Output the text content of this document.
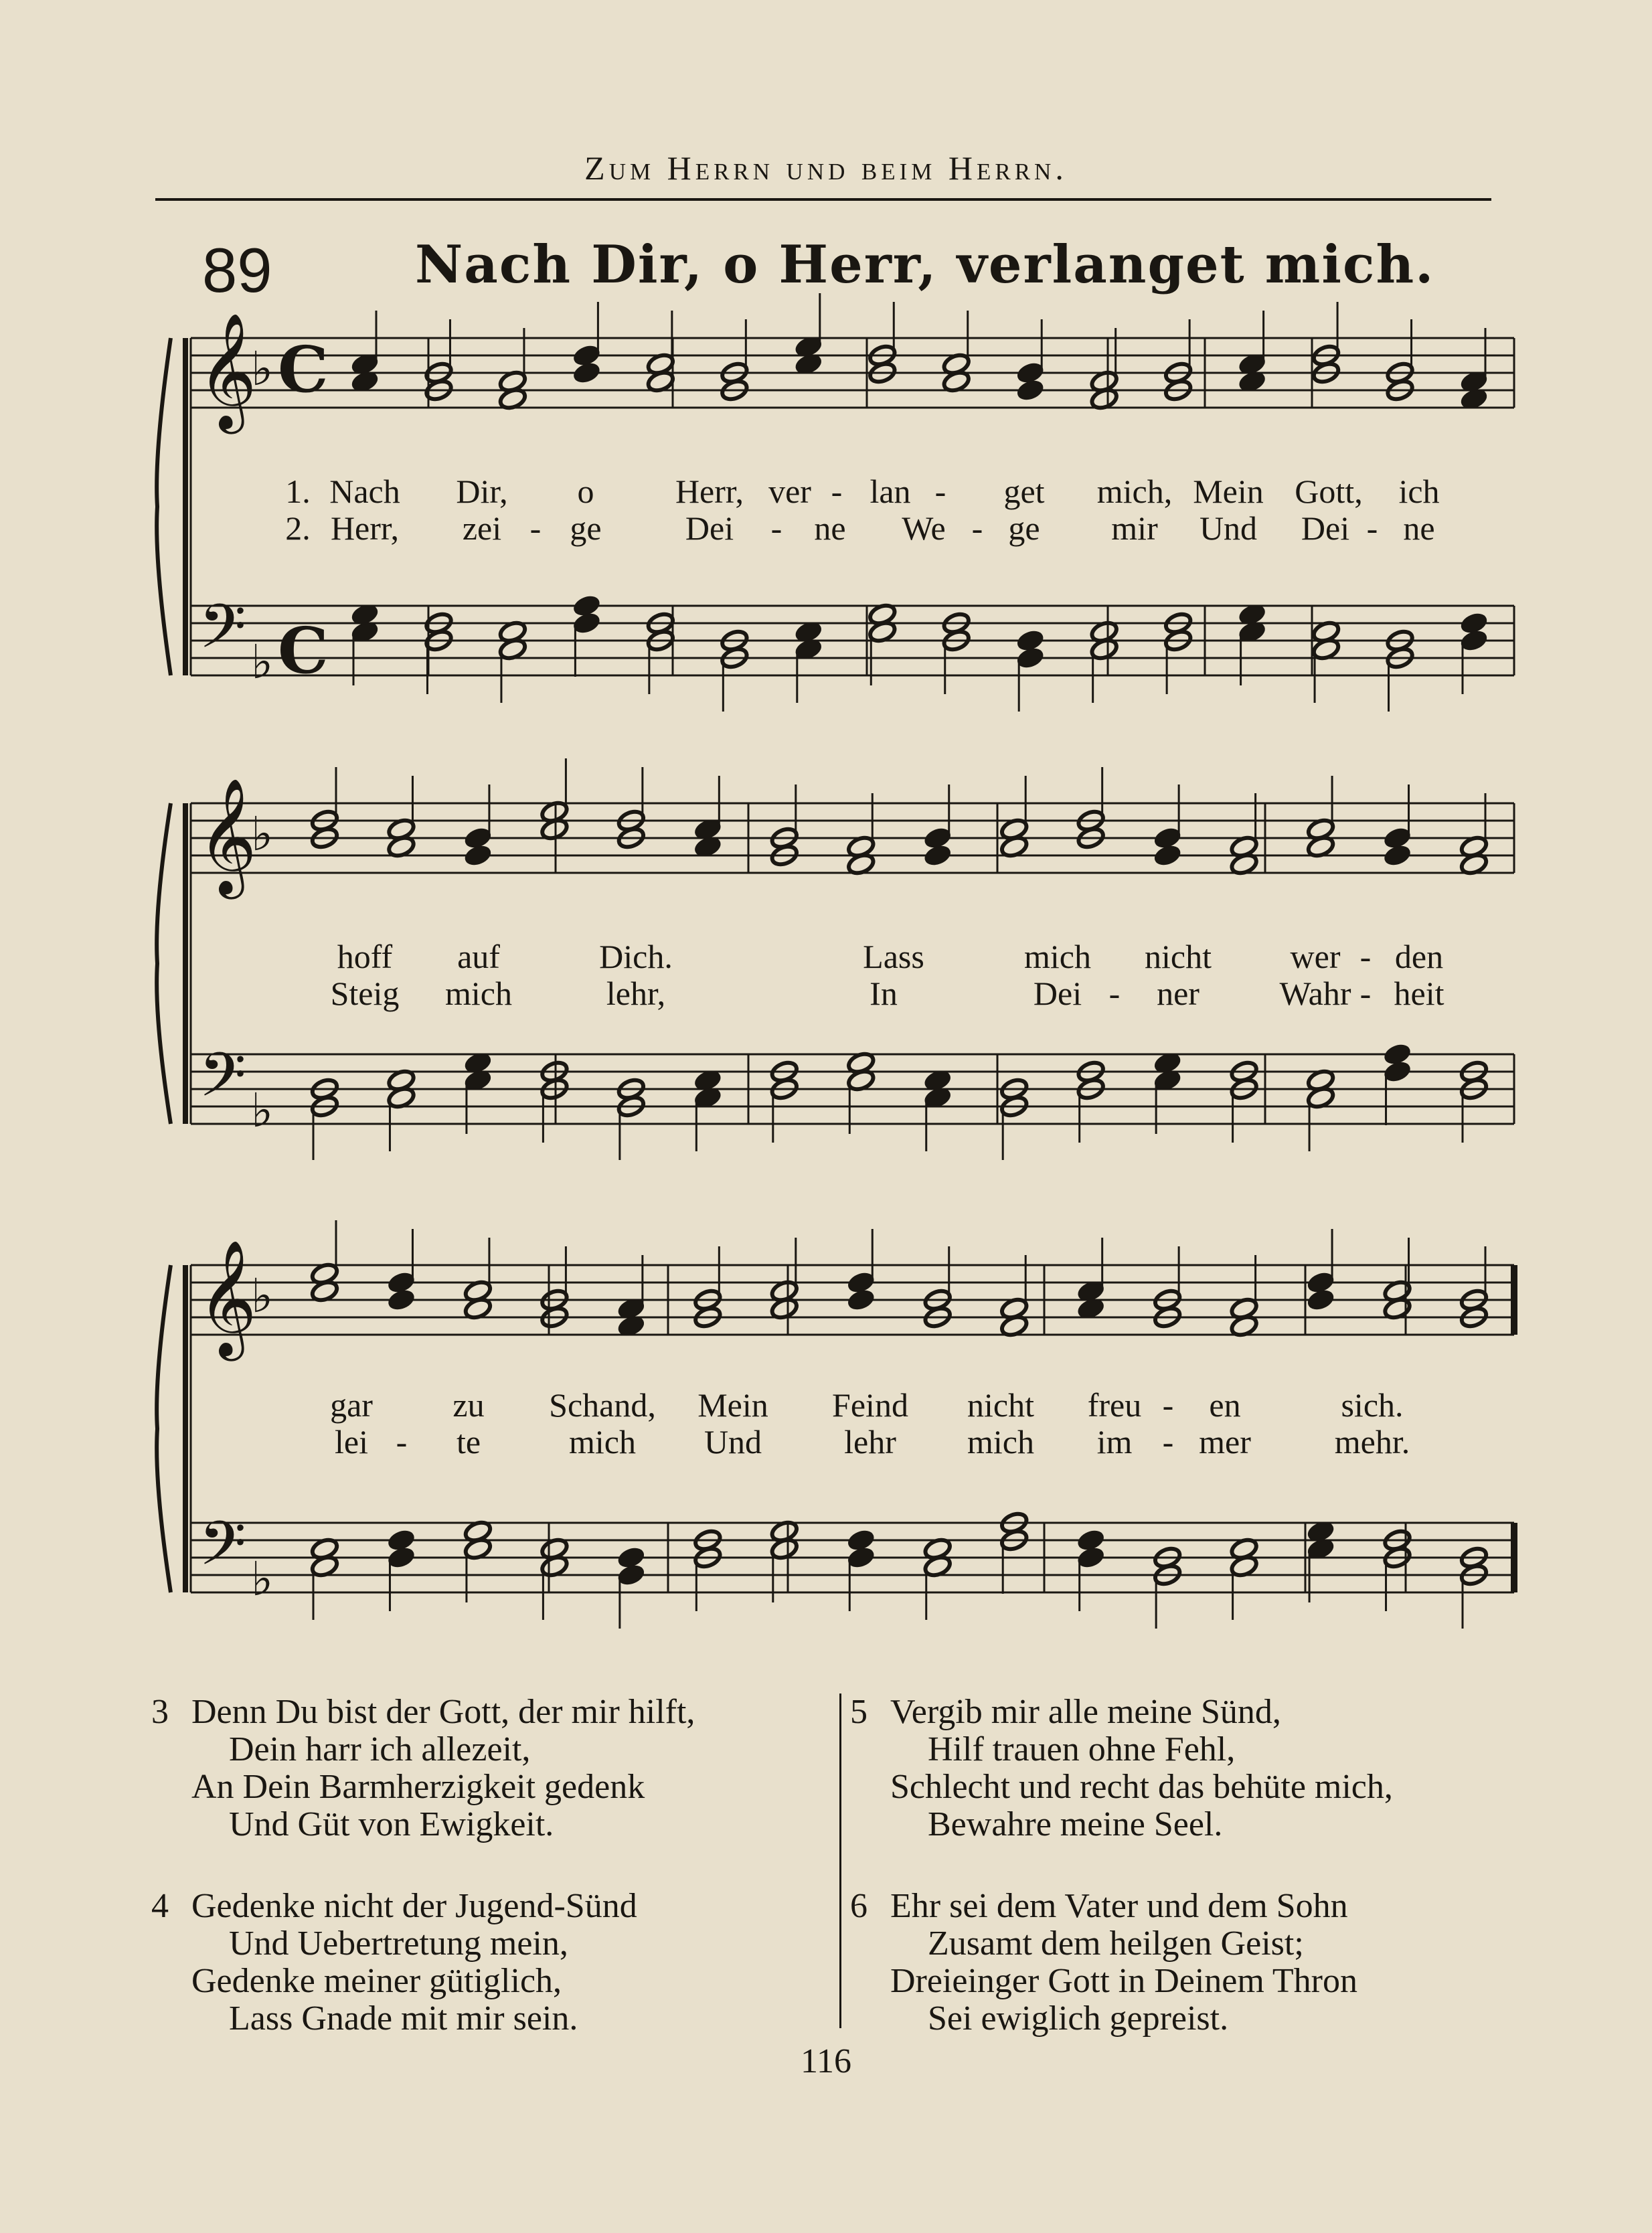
Zum Herrn und beim Herrn.
89	Nach Dir, o Herr, verlanget mich.
𝄞
𝄢
♭
♭
C
C
𝄞
𝄢
♭
♭
𝄞
𝄢
♭
♭
1. Nach Dir, o Herr, ver - lan - get mich, Mein Gott, ich
2. Herr, zei - ge	Dei - ne We - ge mir Und Dei - ne
hoff auf	Dich.	Lass	mich nicht wer - den
Steig mich	lehr,	In	Dei - ner Wahr - heit
gar zu Schand, Mein Feind nicht freu - en	sich.
lei - te	mich Und lehr mich im - mer mehr.
3 Denn Du bist der Gott, der mir hilft,
Dein harr ich allezeit,
An Dein Barmherzigkeit gedenk
Und Güt von Ewigkeit.
4 Gedenke nicht der Jugend-Sünd
Und Uebertretung mein,
Gedenke meiner gütiglich,
Lass Gnade mit mir sein.
5 Vergib mir alle meine Sünd,
Hilf trauen ohne Fehl,
Schlecht und recht das behüte mich,
Bewahre meine Seel.
6 Ehr sei dem Vater und dem Sohn
Zusamt dem heilgen Geist;
Dreieinger Gott in Deinem Thron
Sei ewiglich gepreist.
116
